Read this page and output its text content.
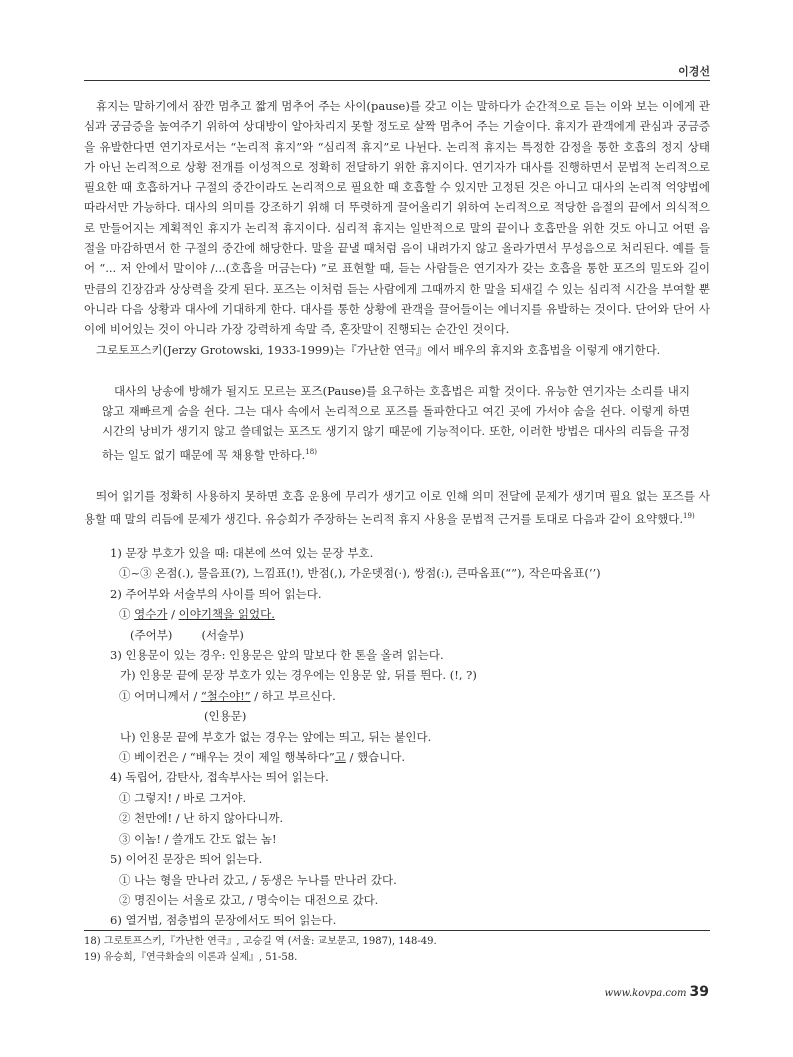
이경선

휴지는 말하기에서 잠깐 멈추고 짧게 멈추어 주는 사이(pause)를 갖고 이는 말하다가 순간적으로 듣는 이와 보는 이에게 관심과 궁금증을 높여주기 위하여 상대방이 알아차리지 못할 정도로 살짝 멈추어 주는 기술이다. 휴지가 관객에게 관심과 궁금증을 유발한다면 연기자로서는 “논리적 휴지”와 “심리적 휴지”로 나뉜다. 논리적 휴지는 특정한 감정을 통한 호흡의 정지 상태가 아닌 논리적으로 상황 전개를 이성적으로 정확히 전달하기 위한 휴지이다. 연기자가 대사를 진행하면서 문법적 논리적으로 필요한 때 호흡하거나 구절의 중간이라도 논리적으로 필요한 때 호흡할 수 있지만 고정된 것은 아니고 대사의 논리적 억양법에 따라서만 가능하다. 대사의 의미를 강조하기 위해 더 뚜렷하게 끌어올리기 위하여 논리적으로 적당한 음절의 끝에서 의식적으로 만들어지는 계획적인 휴지가 논리적 휴지이다. 심리적 휴지는 일반적으로 말의 끝이나 호흡만을 위한 것도 아니고 어떤 음절을 마감하면서 한 구절의 중간에 해당한다. 말을 끝낼 때처럼 음이 내려가지 않고 올라가면서 무성음으로 처리된다. 예를 들어 “... 저 안에서 말이야 /...(호흡을 머금는다) ”로 표현할 때, 듣는 사람들은 연기자가 갖는 호흡을 통한 포즈의 밀도와 길이만큼의 긴장감과 상상력을 갖게 된다. 포즈는 이처럼 듣는 사람에게 그때까지 한 말을 되새길 수 있는 심리적 시간을 부여할 뿐 아니라 다음 상황과 대사에 기대하게 한다. 대사를 통한 상황에 관객을 끌어들이는 에너지를 유발하는 것이다. 단어와 단어 사이에 비어있는 것이 아니라 가장 강력하게 속말 즉, 혼잣말이 진행되는 순간인 것이다.

그로토프스키(Jerzy Grotowski, 1933-1999)는『가난한 연극』에서 배우의 휴지와 호흡법을 이렇게 얘기한다.

대사의 낭송에 방해가 될지도 모르는 포즈(Pause)를 요구하는 호흡법은 피할 것이다. 유능한 연기자는 소리를 내지 않고 재빠르게 숨을 쉰다. 그는 대사 속에서 논리적으로 포즈를 돌파한다고 여긴 곳에 가서야 숨을 쉰다. 이렇게 하면 시간의 낭비가 생기지 않고 쓸데없는 포즈도 생기지 않기 때문에 기능적이다. 또한, 이러한 방법은 대사의 리듬을 규정하는 일도 없기 때문에 꼭 채용할 만하다.$^{18)}$

띄어 읽기를 정확히 사용하지 못하면 호흡 운용에 무리가 생기고 이로 인해 의미 전달에 문제가 생기며 필요 없는 포즈를 사용할 때 말의 리듬에 문제가 생긴다. 유승희가 주장하는 논리적 휴지 사용을 문법적 근거를 토대로 다음과 같이 요약했다.$^{19)}$

1) 문장 부호가 있을 때: 대본에 쓰여 있는 문장 부호.
①~③ 온점(.), 물음표(?), 느낌표(!), 반점(,), 가운뎃점(·), 쌍점(:), 큰따옴표(“”), 작은따옴표(‘’)
2) 주어부와 서술부의 사이를 띄어 읽는다.
① 영수가 / 이야기책을 읽었다.
(주어부)        (서술부)
3) 인용문이 있는 경우: 인용문은 앞의 말보다 한 톤을 올려 읽는다.
가) 인용문 끝에 문장 부호가 있는 경우에는 인용문 앞, 뒤를 띈다. (!, ?)
① 어머니께서 / “철수야!” / 하고 부르신다.
(인용문)
나) 인용문 끝에 부호가 없는 경우는 앞에는 띄고, 뒤는 붙인다.
① 베이컨은 / “배우는 것이 제일 행복하다”고 / 했습니다.
4) 독립어, 감탄사, 접속부사는 띄어 읽는다.
① 그렇지! / 바로 그거야.
② 천만에! / 난 하지 않아다니까.
③ 이놈! / 쓸개도 간도 없는 놈!
5) 이어진 문장은 띄어 읽는다.
① 나는 형을 만나러 갔고, / 동생은 누나를 만나러 갔다.
② 명진이는 서울로 갔고, / 명숙이는 대전으로 갔다.
6) 열거법, 점층법의 문장에서도 띄어 읽는다.
18) 그로토프스키,『가난한 연극』, 고승길 역 (서울: 교보문고, 1987), 148-49.
19) 유승희,『연극화술의 이론과 실제』, 51-58.
www.kovpa.com 39
